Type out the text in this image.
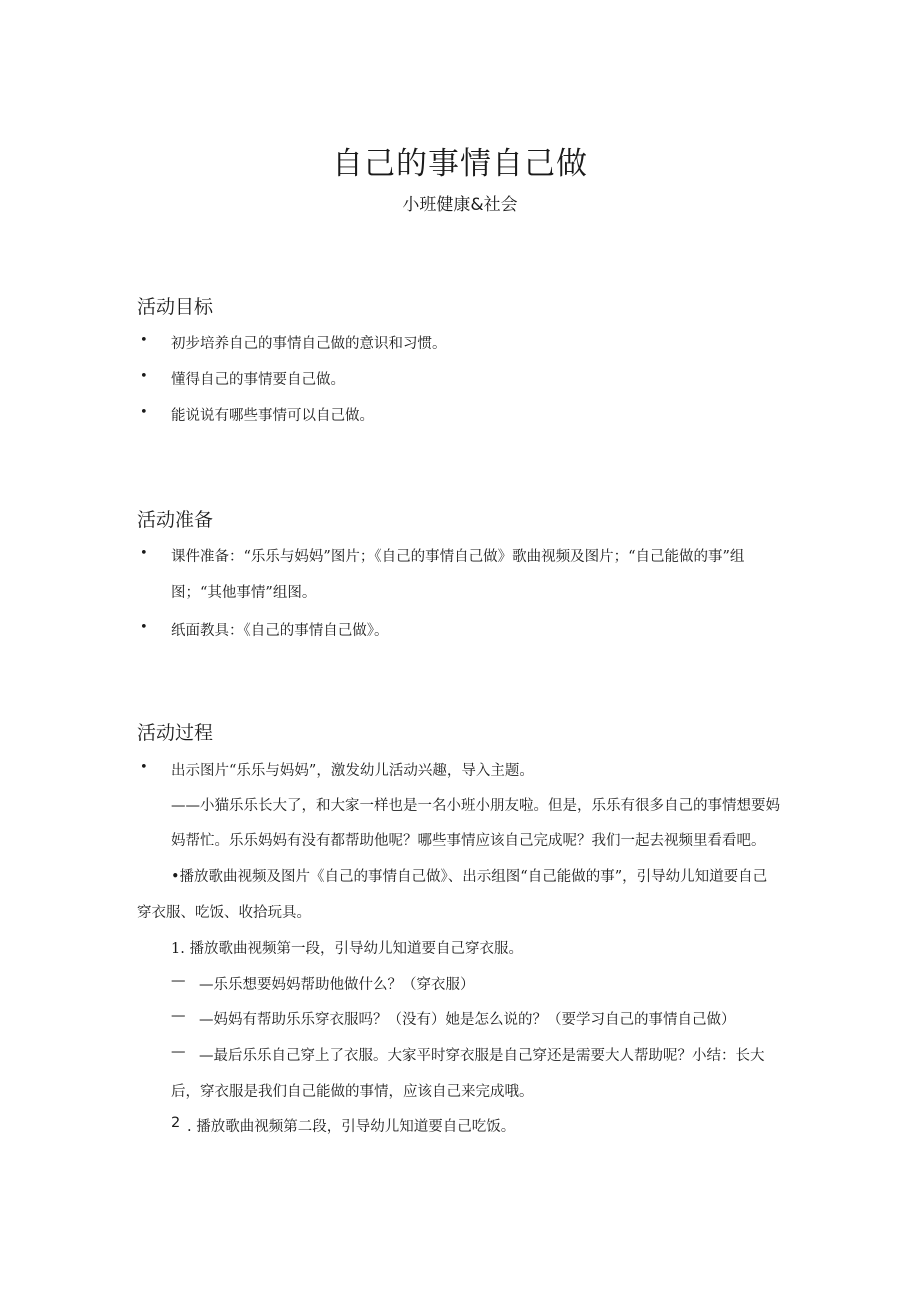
自己的事情自己做
小班健康&社会
活动目标
• 初步培养自己的事情自己做的意识和习惯。
• 懂得自己的事情要自己做。
• 能说说有哪些事情可以自己做。
活动准备
• 课件准备：“乐乐与妈妈”图片；《自己的事情自己做》歌曲视频及图片；“自己能做的事”组
图；“其他事情”组图。
• 纸面教具：《自己的事情自己做》。
活动过程
• 出示图片“乐乐与妈妈”，激发幼儿活动兴趣，导入主题。
——小猫乐乐长大了，和大家一样也是一名小班小朋友啦。但是，乐乐有很多自己的事情想要妈
妈帮忙。乐乐妈妈有没有都帮助他呢？哪些事情应该自己完成呢？我们一起去视频里看看吧。
•播放歌曲视频及图片《自己的事情自己做》、出示组图“自己能做的事”，引导幼儿知道要自己
穿衣服、吃饭、收拾玩具。
1. 播放歌曲视频第一段，引导幼儿知道要自己穿衣服。
— —乐乐想要妈妈帮助他做什么？（穿衣服）
— —妈妈有帮助乐乐穿衣服吗？（没有）她是怎么说的？（要学习自己的事情自己做）
— —最后乐乐自己穿上了衣服。大家平时穿衣服是自己穿还是需要大人帮助呢？小结：长大
后，穿衣服是我们自己能做的事情，应该自己来完成哦。
2 . 播放歌曲视频第二段，引导幼儿知道要自己吃饭。
